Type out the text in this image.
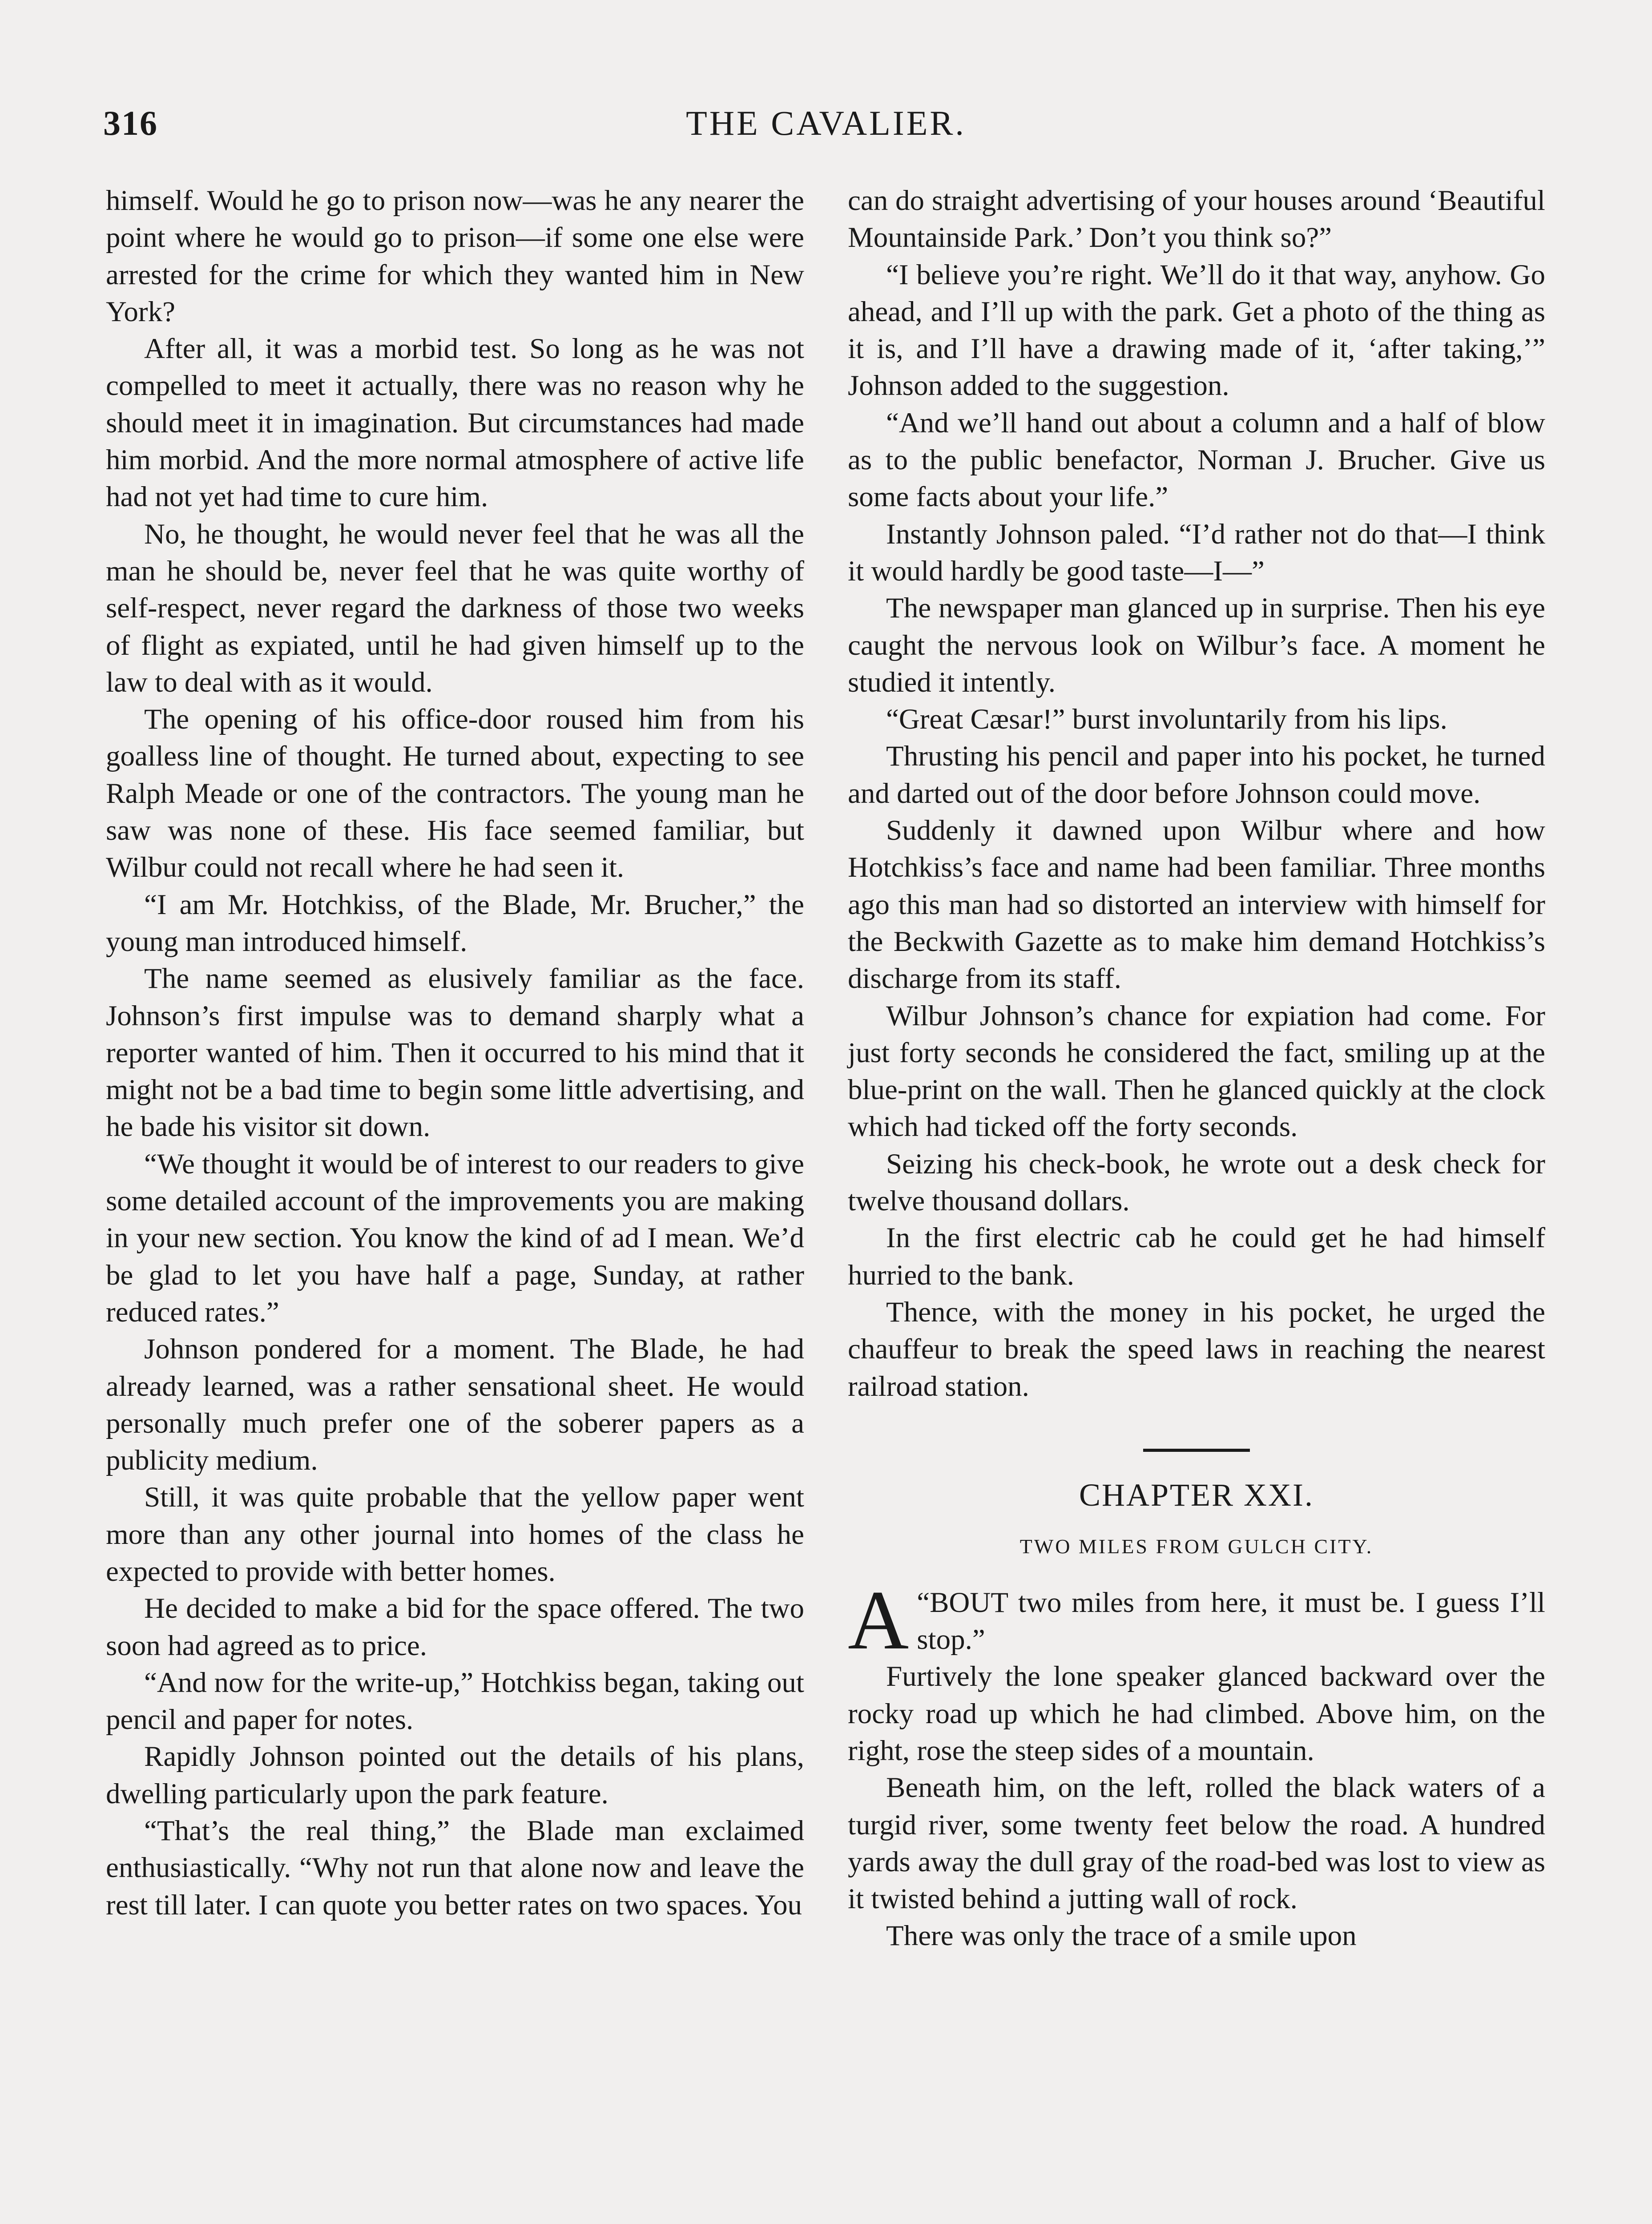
THE CAVALIER.
316

himself. Would he go to prison now—was he any nearer the point where he would go to prison—if some one else were arrested for the crime for which they wanted him in New York?

After all, it was a morbid test. So long as he was not compelled to meet it actually, there was no reason why he should meet it in imagination. But circumstances had made him morbid. And the more normal atmosphere of active life had not yet had time to cure him.

No, he thought, he would never feel that he was all the man he should be, never feel that he was quite worthy of self-respect, never regard the darkness of those two weeks of flight as expiated, until he had given himself up to the law to deal with as it would.

The opening of his office-door roused him from his goalless line of thought. He turned about, expecting to see Ralph Meade or one of the contractors. The young man he saw was none of these. His face seemed familiar, but Wilbur could not recall where he had seen it.

“I am Mr. Hotchkiss, of the Blade, Mr. Brucher,” the young man introduced himself.

The name seemed as elusively familiar as the face. Johnson’s first impulse was to demand sharply what a reporter wanted of him. Then it occurred to his mind that it might not be a bad time to begin some little advertising, and he bade his visitor sit down.

“We thought it would be of interest to our readers to give some detailed account of the improvements you are making in your new section. You know the kind of ad I mean. We’d be glad to let you have half a page, Sunday, at rather reduced rates.”

Johnson pondered for a moment. The Blade, he had already learned, was a rather sensational sheet. He would personally much prefer one of the soberer papers as a publicity medium.

Still, it was quite probable that the yellow paper went more than any other journal into homes of the class he expected to provide with better homes.

He decided to make a bid for the space offered. The two soon had agreed as to price.

“And now for the write-up,” Hotchkiss began, taking out pencil and paper for notes.

Rapidly Johnson pointed out the details of his plans, dwelling particularly upon the park feature.

“That’s the real thing,” the Blade man exclaimed enthusiastically. “Why not run that alone now and leave the rest till later. I can quote you better rates on two spaces. You

can do straight advertising of your houses around ‘Beautiful Mountainside Park.’ Don’t you think so?”

“I believe you’re right. We’ll do it that way, anyhow. Go ahead, and I’ll up with the park. Get a photo of the thing as it is, and I’ll have a drawing made of it, ‘after taking,’” Johnson added to the suggestion.

“And we’ll hand out about a column and a half of blow as to the public benefactor, Norman J. Brucher. Give us some facts about your life.”

Instantly Johnson paled. “I’d rather not do that—I think it would hardly be good taste—I—”

The newspaper man glanced up in surprise. Then his eye caught the nervous look on Wilbur’s face. A moment he studied it intently.

“Great Cæsar!” burst involuntarily from his lips.

Thrusting his pencil and paper into his pocket, he turned and darted out of the door before Johnson could move.

Suddenly it dawned upon Wilbur where and how Hotchkiss’s face and name had been familiar. Three months ago this man had so distorted an interview with himself for the Beckwith Gazette as to make him demand Hotchkiss’s discharge from its staff.

Wilbur Johnson’s chance for expiation had come. For just forty seconds he considered the fact, smiling up at the blue-print on the wall. Then he glanced quickly at the clock which had ticked off the forty seconds.

Seizing his check-book, he wrote out a desk check for twelve thousand dollars.

In the first electric cab he could get he had himself hurried to the bank.

Thence, with the money in his pocket, he urged the chauffeur to break the speed laws in reaching the nearest railroad station.

CHAPTER XXI.
TWO MILES FROM GULCH CITY.

“
A BOUT two miles from here, it must be. I guess I’ll stop.”

Furtively the lone speaker glanced backward over the rocky road up which he had climbed. Above him, on the right, rose the steep sides of a mountain.

Beneath him, on the left, rolled the black waters of a turgid river, some twenty feet below the road. A hundred yards away the dull gray of the road-bed was lost to view as it twisted behind a jutting wall of rock.

There was only the trace of a smile upon
